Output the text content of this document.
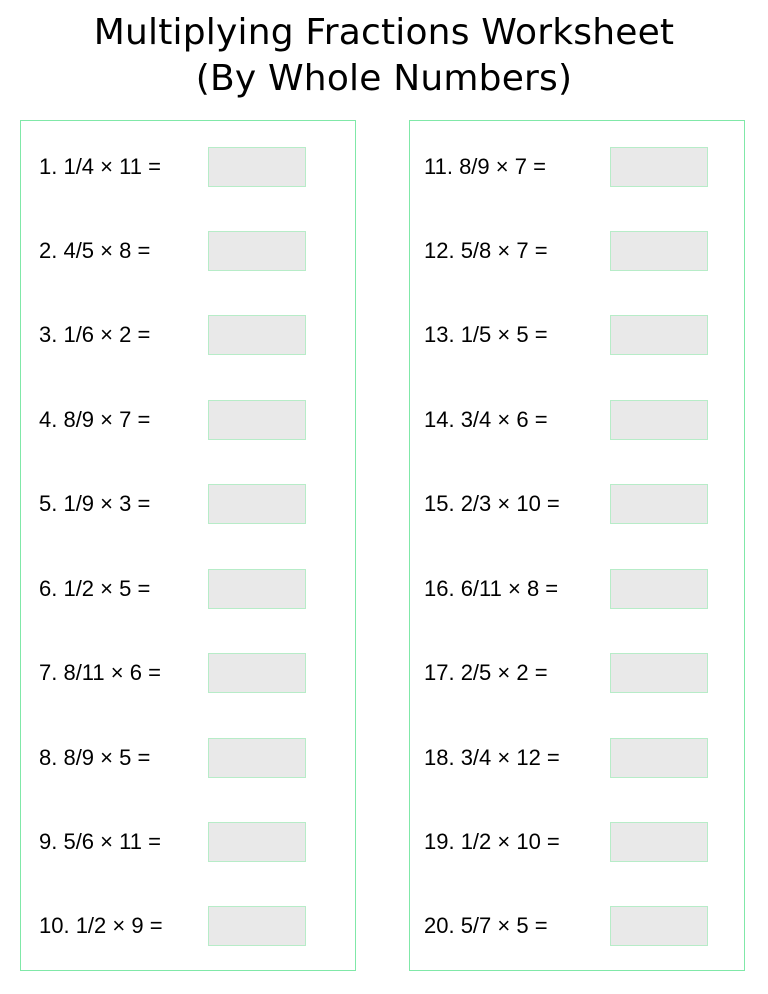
Multiplying Fractions Worksheet
(By Whole Numbers)
1. 1/4 × 11 =
2. 4/5 × 8 =
3. 1/6 × 2 =
4. 8/9 × 7 =
5. 1/9 × 3 =
6. 1/2 × 5 =
7. 8/11 × 6 =
8. 8/9 × 5 =
9. 5/6 × 11 =
10. 1/2 × 9 =
11. 8/9 × 7 =
12. 5/8 × 7 =
13. 1/5 × 5 =
14. 3/4 × 6 =
15. 2/3 × 10 =
16. 6/11 × 8 =
17. 2/5 × 2 =
18. 3/4 × 12 =
19. 1/2 × 10 =
20. 5/7 × 5 =
